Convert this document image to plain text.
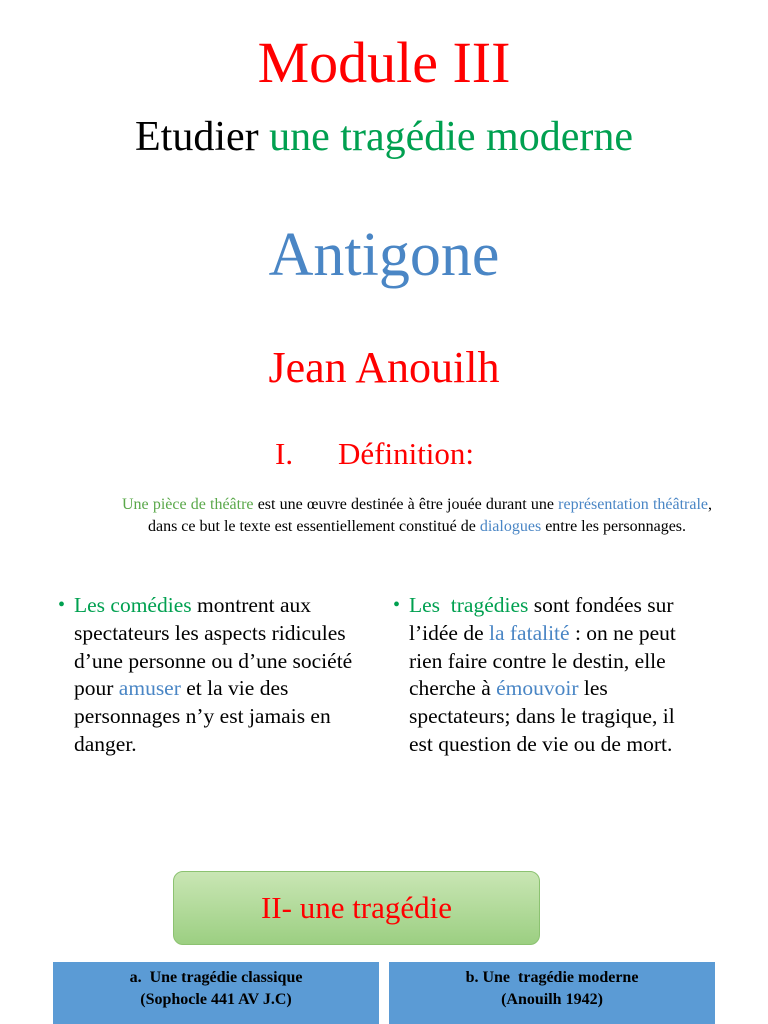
Module III
Etudier une tragédie moderne
Antigone
Jean Anouilh
I. Définition:
Une pièce de théâtre est une œuvre destinée à être jouée durant une représentation théâtrale, dans ce but le texte est essentiellement constitué de dialogues entre les personnages.
• Les comédies montrent aux spectateurs les aspects ridicules d’une personne ou d’une société pour amuser et la vie des personnages n’y est jamais en danger.
• Les  tragédies sont fondées sur l’idée de la fatalité : on ne peut rien faire contre le destin, elle cherche à émouvoir les spectateurs; dans le tragique, il est question de vie ou de mort.
II- une tragédie
a.  Une tragédie classique
(Sophocle 441 AV J.C)
b. Une  tragédie moderne
(Anouilh 1942)
